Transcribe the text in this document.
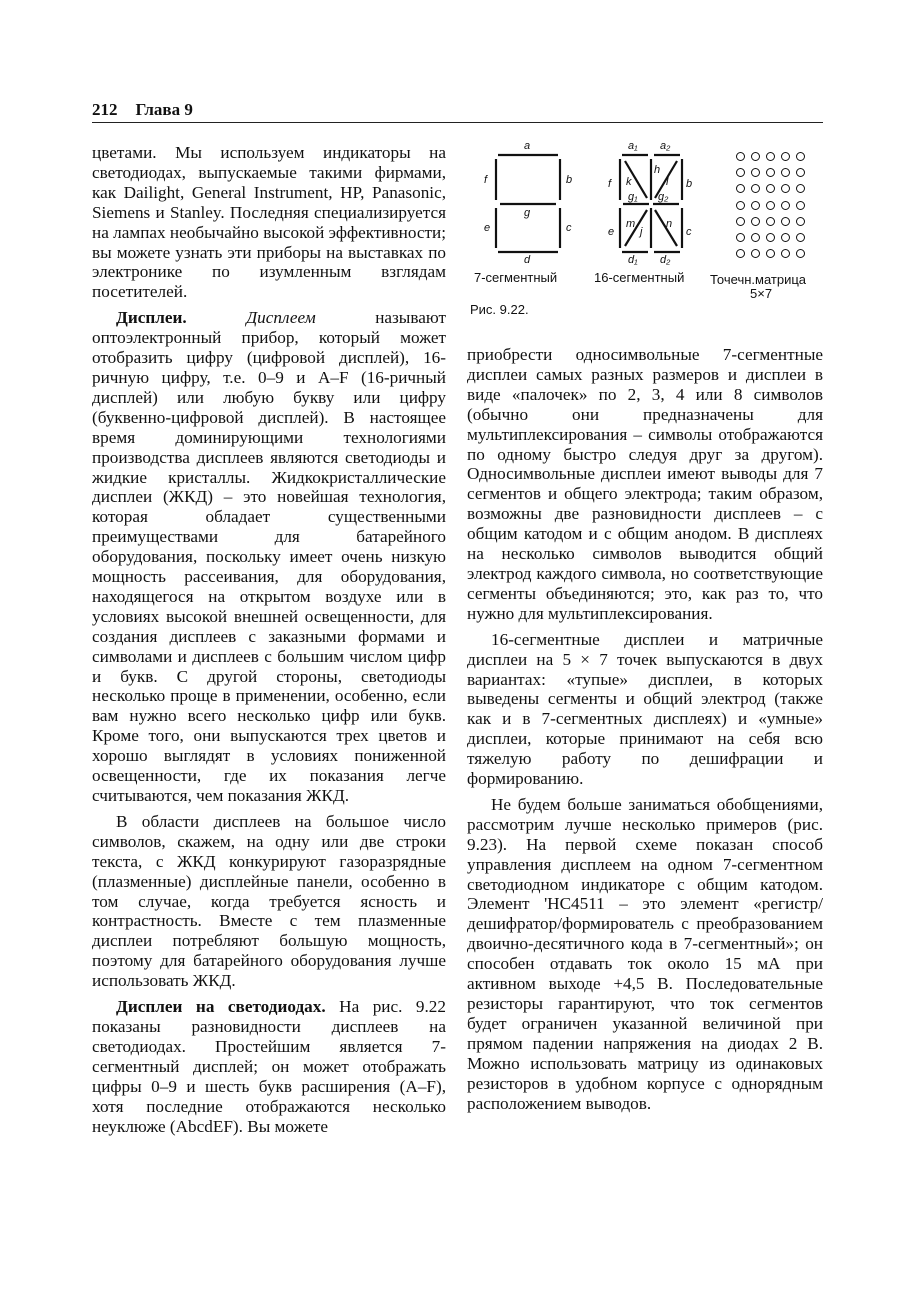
212 Глава 9

цветами. Мы используем индикаторы на светодиодах, выпускаемые такими фирмами, как Dailight, General Instrument, HP, Panasonic, Siemens и Stanley. Последняя специализируется на лампах необычайно высокой эффективности; вы можете узнать эти приборы на выставках по электронике по изумленным взглядам посетителей.

Дисплеи.	Дисплеем	называют оптоэлектронный прибор, который может отобразить цифру (цифровой дисплей), 16-ричную цифру, т.е. 0–9 и A–F (16-ричный дисплей) или любую букву или цифру (буквенно-цифровой дисплей). В настоящее время доминирующими технологиями производства дисплеев являются светодиоды и жидкие кристаллы. Жидкокристаллические дисплеи (ЖКД) – это новейшая технология, которая обладает существенными преимуществами для батарейного оборудования, поскольку имеет очень низкую мощность рассеивания, для оборудования, находящегося на открытом воздухе или в условиях высокой внешней освещенности, для создания дисплеев с заказными формами и символами и дисплеев с большим числом цифр и букв. С другой стороны, светодиоды несколько проще в применении, особенно, если вам нужно всего несколько цифр или букв. Кроме того, они выпускаются трех цветов и хорошо выглядят в условиях пониженной освещенности, где их показания легче считываются, чем показания ЖКД.

В области дисплеев на большое число символов, скажем, на одну или две строки текста, с ЖКД конкурируют газоразрядные (плазменные) дисплейные панели, особенно в том случае, когда требуется ясность и контрастность. Вместе с тем плазменные дисплеи потребляют большую мощность, поэтому для батарейного оборудования лучше использовать ЖКД.

Дисплеи на светодиодах. На рис. 9.22 показаны разновидности дисплеев на светодиодах. Простейшим является 7-сегментный дисплей; он может отображать цифры 0–9 и шесть букв расширения (A–F), хотя последние отображаются несколько неуклюже (AbcdEF). Вы можете

a
b
c
d
e
f
g
a₁ a₂
f k
h
l b
g₁ g₂
e
m
j
n
c
d₁ d₂
7-сегментный	16-сегментный Точечн.матрица
5×7
Рис. 9.22.

приобрести односимвольные 7-сегментные дисплеи самых разных размеров и дисплеи в виде «палочек» по 2, 3, 4 или 8 символов (обычно они предназначены для мультиплексирования – символы отображаются по одному быстро следуя друг за другом). Односимвольные дисплеи имеют выводы для 7 сегментов и общего электрода; таким образом, возможны две разновидности дисплеев – с общим катодом и с общим анодом. В дисплеях на несколько символов выводится общий электрод каждого символа, но соответствующие сегменты объединяются; это, как раз то, что нужно для мультиплексирования.

16-сегментные дисплеи и матричные дисплеи на 5 × 7 точек выпускаются в двух вариантах: «тупые» дисплеи, в которых выведены сегменты и общий электрод (также как и в 7-сегментных дисплеях) и «умные» дисплеи, которые принимают на себя всю тяжелую работу по дешифрации и формированию.

Не будем больше заниматься обобщениями, рассмотрим лучше несколько примеров (рис. 9.23). На первой схеме показан способ управления дисплеем на одном 7-сегментном светодиодном индикаторе с общим катодом. Элемент 'HC4511 – это элемент «регистр/дешифратор/формирователь с преобразованием двоично-десятичного кода в 7-сегментный»; он способен отдавать ток около 15 мА при активном выходе +4,5 В. Последовательные резисторы гарантируют, что ток сегментов будет ограничен указанной величиной при прямом падении напряжения на диодах 2 В. Можно использовать матрицу из одинаковых резисторов в удобном корпусе с однорядным расположением выводов.
